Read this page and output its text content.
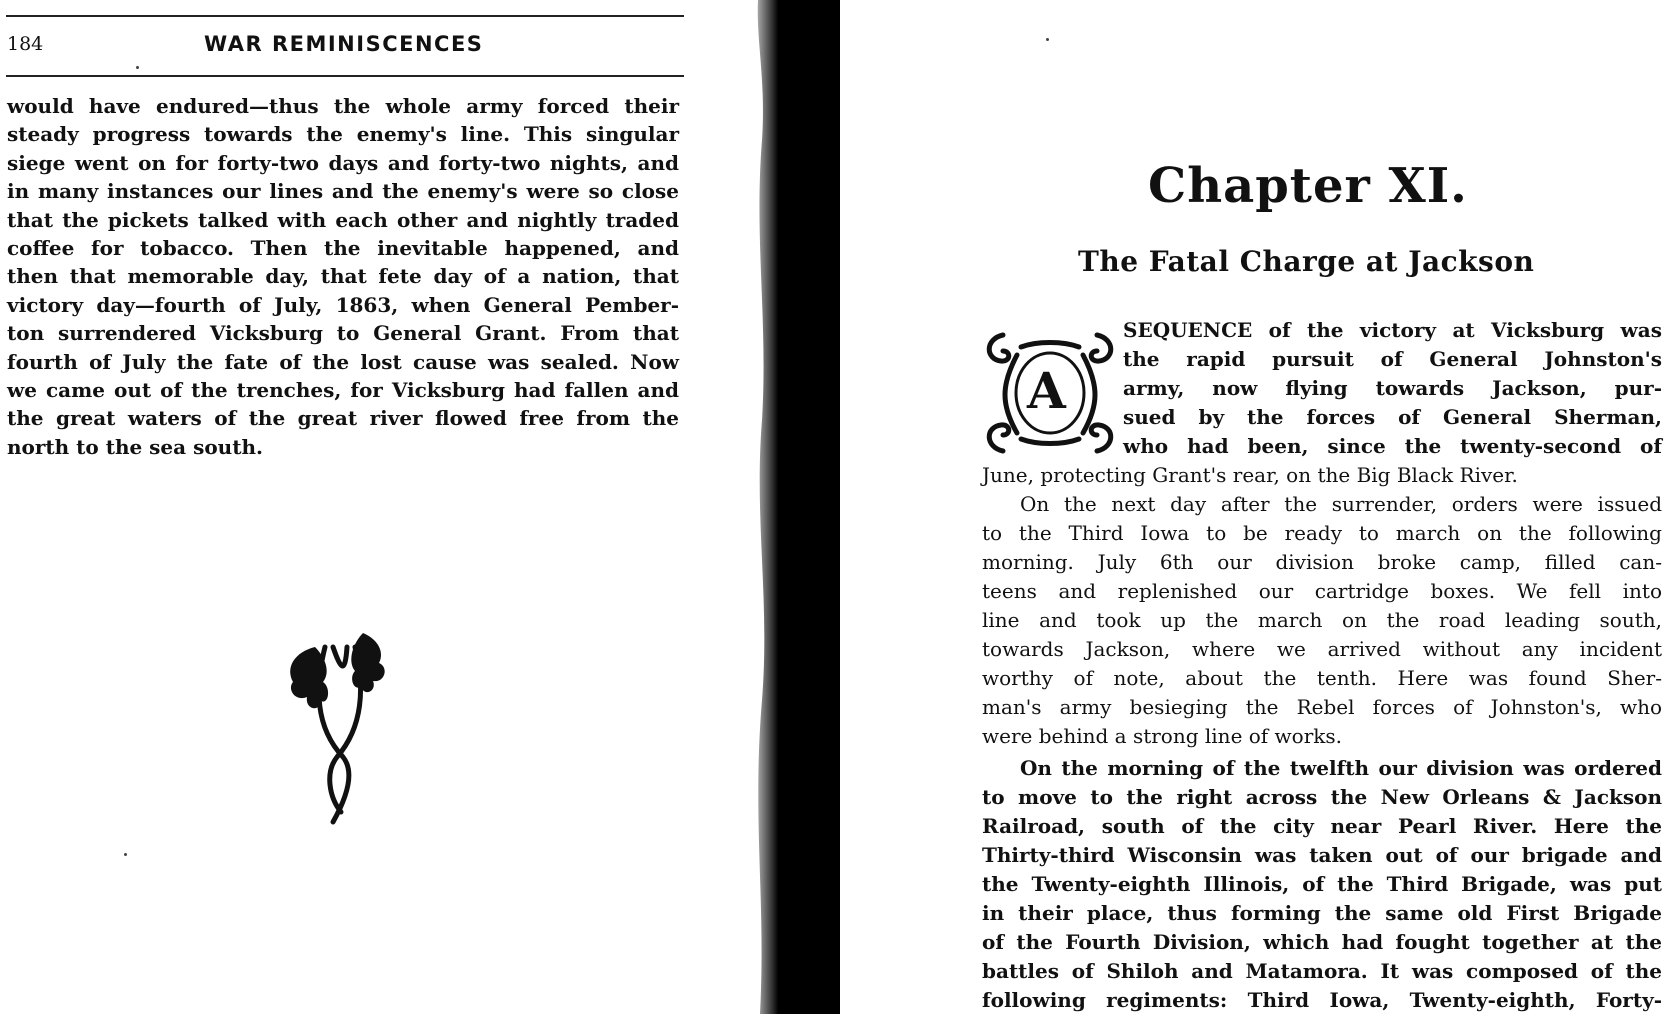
184	WAR REMINISCENCES
would have endured—thus the whole army forced their
steady progress towards the enemy's line. This singular
siege went on for forty-two days and forty-two nights, and
in many instances our lines and the enemy's were so close
that the pickets talked with each other and nightly traded
coffee for tobacco. Then the inevitable happened, and
then that memorable day, that fete day of a nation, that
victory day—fourth of July, 1863, when General Pember-
ton surrendered Vicksburg to General Grant. From that
fourth of July the fate of the lost cause was sealed. Now
we came out of the trenches, for Vicksburg had fallen and
the great waters of the great river flowed free from the
north to the sea south.
Chapter XI.
The Fatal Charge at Jackson
A
SEQUENCE of the victory at Vicksburg was
the rapid pursuit of General Johnston's
army, now flying towards Jackson, pur-
sued by the forces of General Sherman,
who had been, since the twenty-second of
June, protecting Grant's rear, on the Big Black River.
On the next day after the surrender, orders were issued
to the Third Iowa to be ready to march on the following
morning. July 6th our division broke camp, filled can-
teens and replenished our cartridge boxes. We fell into
line and took up the march on the road leading south,
towards Jackson, where we arrived without any incident
worthy of note, about the tenth. Here was found Sher-
man's army besieging the Rebel forces of Johnston's, who
were behind a strong line of works.
On the morning of the twelfth our division was ordered
to move to the right across the New Orleans & Jackson
Railroad, south of the city near Pearl River. Here the
Thirty-third Wisconsin was taken out of our brigade and
the Twenty-eighth Illinois, of the Third Brigade, was put
in their place, thus forming the same old First Brigade
of the Fourth Division, which had fought together at the
battles of Shiloh and Matamora. It was composed of the
following regiments: Third Iowa, Twenty-eighth, Forty-
